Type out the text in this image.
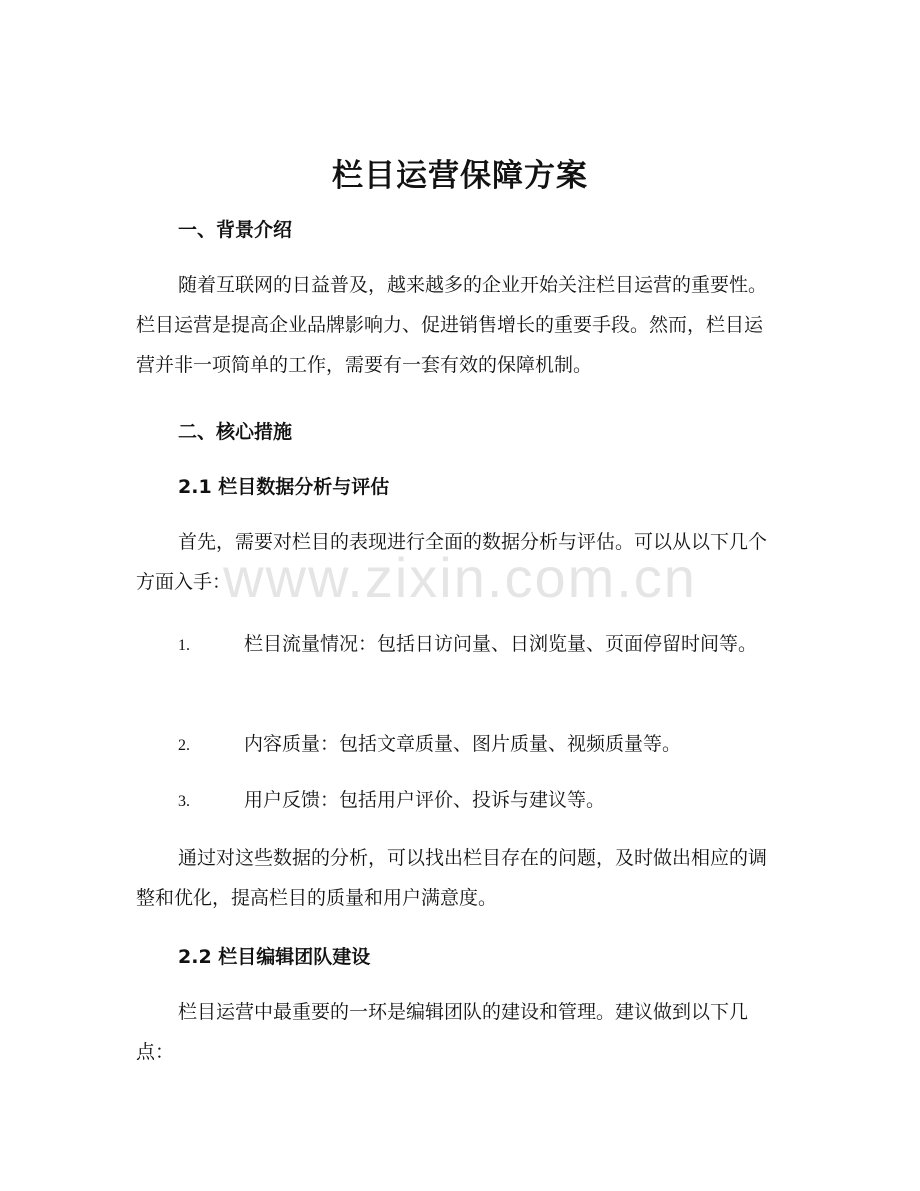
栏目运营保障方案
一、背景介绍

随着互联网的日益普及，越来越多的企业开始关注栏目运营的重要性。栏目运营是提高企业品牌影响力、促进销售增长的重要手段。然而，栏目运营并非一项简单的工作，需要有一套有效的保障机制。

二、核心措施
2.1 栏目数据分析与评估

首先，需要对栏目的表现进行全面的数据分析与评估。可以从以下几个方面入手：

1.	栏目流量情况：包括日访问量、日浏览量、页面停留时间等。

2.	内容质量：包括文章质量、图片质量、视频质量等。

3.	用户反馈：包括用户评价、投诉与建议等。

通过对这些数据的分析，可以找出栏目存在的问题，及时做出相应的调整和优化，提高栏目的质量和用户满意度。

2.2 栏目编辑团队建设

栏目运营中最重要的一环是编辑团队的建设和管理。建议做到以下几点：

www.zixin.com.cn
